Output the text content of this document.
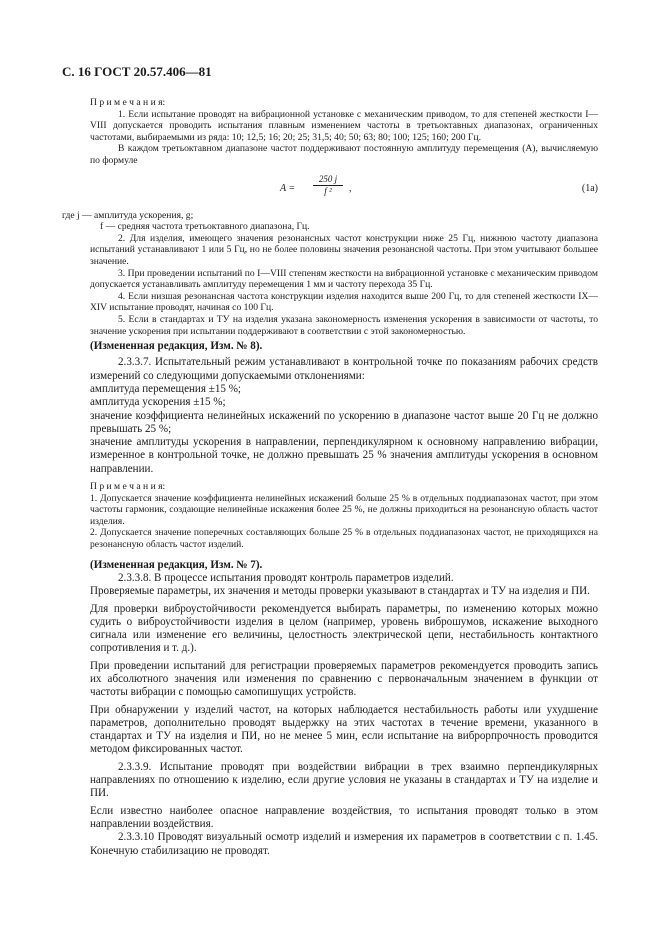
С. 16 ГОСТ 20.57.406—81

П р и м е ч а н и я:

1. Если испытание проводят на вибрационной установке с механическим приводом, то для степеней жесткости I—VIII допускается проводить испытания плавным изменением частоты в третьоктавных диапазонах, ограниченных частотами, выбираемыми из ряда: 10; 12,5; 16; 20; 25; 31,5; 40; 50; 63; 80; 100; 125; 160; 200 Гц.

В каждом третьоктавном диапазоне частот поддерживают постоянную амплитуду перемещения (A), вычисляемую по формуле

$A = \frac{250 j}{\text{f ²}}$ ,	(1а)

где j — амплитуда ускорения, g;

f — средняя частота третьоктавного диапазона, Гц.

2. Для изделия, имеющего значения резонансных частот конструкции ниже 25 Гц, нижнюю частоту диапазона испытаний устанавливают 1 или 5 Гц, но не более половины значения резонансной частоты. При этом учитывают большее значение.

3. При проведении испытаний по I—VIII степеням жесткости на вибрационной установке с механическим приводом допускается устанавливать амплитуду перемещения 1 мм и частоту перехода 35 Гц.

4. Если низшая резонансная частота конструкции изделия находится выше 200 Гц, то для степеней жесткости IX—XIV испытание проводят, начиная со 100 Гц.

5. Если в стандартах и ТУ на изделия указана закономерность изменения ускорения в зависимости от частоты, то значение ускорения при испытании поддерживают в соответствии с этой закономерностью.

(Измененная редакция, Изм. № 8).

2.3.3.7. Испытательный режим устанавливают в контрольной точке по показаниям рабочих средств измерений со следующими допускаемыми отклонениями:

амплитуда перемещения ±15 %;

амплитуда ускорения ±15 %;

значение коэффициента нелинейных искажений по ускорению в диапазоне частот выше 20 Гц не должно превышать 25 %;

значение амплитуды ускорения в направлении, перпендикулярном к основному направлению вибрации, измеренное в контрольной точке, не должно превышать 25 % значения амплитуды ускорения в основном направлении.

П р и м е ч а н и я:

1. Допускается значение коэффициента нелинейных искажений больше 25 % в отдельных поддиапазонах частот, при этом частоты гармоник, создающие нелинейные искажения более 25 %, не должны приходиться на резонансную область частот изделия.

2. Допускается значение поперечных составляющих больше 25 % в отдельных поддиапазонах частот, не приходящихся на резонансную область частот изделий.

(Измененная редакция, Изм. № 7).

2.3.3.8. В процессе испытания проводят контроль параметров изделий.

Проверяемые параметры, их значения и методы проверки указывают в стандартах и ТУ на изделия и ПИ.

Для проверки виброустойчивости рекомендуется выбирать параметры, по изменению которых можно судить о виброустойчивости изделия в целом (например, уровень виброшумов, искажение выходного сигнала или изменение его величины, целостность электрической цепи, нестабильность контактного сопротивления и т. д.).

При проведении испытаний для регистрации проверяемых параметров рекомендуется проводить запись их абсолютного значения или изменения по сравнению с первоначальным значением в функции от частоты вибрации с помощью самопишущих устройств.

При обнаружении у изделий частот, на которых наблюдается нестабильность работы или ухудшение параметров, дополнительно проводят выдержку на этих частотах в течение времени, указанного в стандартах и ТУ на изделия и ПИ, но не менее 5 мин, если испытание на виброрпрочность проводится методом фиксированных частот.

2.3.3.9. Испытание проводят при воздействии вибрации в трех взаимно перпендикулярных направлениях по отношению к изделию, если другие условия не указаны в стандартах и ТУ на изделие и ПИ.

Если известно наиболее опасное направление воздействия, то испытания проводят только в этом направлении воздействия.

2.3.3.10 Проводят визуальный осмотр изделий и измерения их параметров в соответствии с п. 1.45. Конечную стабилизацию не проводят.
